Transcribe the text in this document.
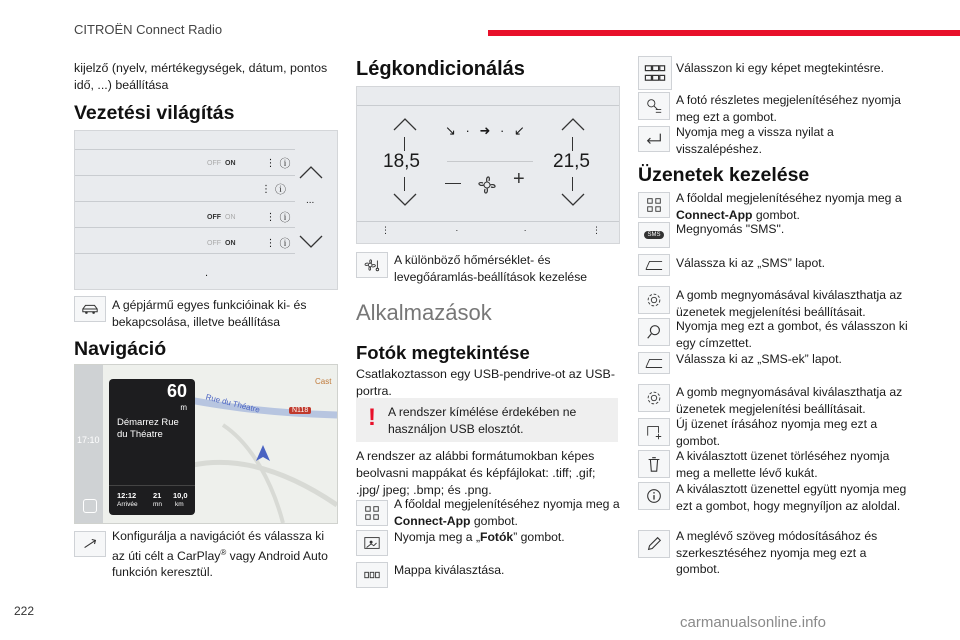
CITROËN Connect Radio
kijelző (nyelv, mértékegységek, dátum, pontos idő, ...) beállítása
Vezetési világítás
OFF ON	⋮ ⓘ
⋮ ⓘ
OFF ON	⋮ ⓘ
OFF ON	⋮ ⓘ
...
.
A gépjármű egyes funkcióinak ki- és bekapcsolása, illetve beállítása
Navigáció
17:10
Rue du Théatre	N118
Cast
60
m
Démarrez Rue du Théatre
12:12
Arrivée
21
mn
10,0
km
Konfigurálja a navigációt és válassza ki az úti célt a CarPlay® vagy Android Auto funkción keresztül.
Légkondicionálás
18,5
↘ · ➜ · ↙
+
21,5
⋮	·	·	⋮
A különböző hőmérséklet- és levegőáramlás-beállítások kezelése
Alkalmazások
Fotók megtekintése
Csatlakoztasson egy USB-pendrive-ot az USB-portra.
! A rendszer kímélése érdekében ne használjon USB elosztót.
A rendszer az alábbi formátumokban képes beolvasni mappákat és képfájlokat: .tiff; .gif; .jpg/ jpeg; .bmp; és .png.
A főoldal megjelenítéséhez nyomja meg a Connect-App gombot.
Nyomja meg a „Fotók” gombot.
Mappa kiválasztása.
Válasszon ki egy képet megtekintésre.
A fotó részletes megjelenítéséhez nyomja meg ezt a gombot.
Nyomja meg a vissza nyilat a visszalépéshez.
Üzenetek kezelése
A főoldal megjelenítéséhez nyomja meg a Connect-App gombot.
SMS Megnyomás "SMS".
Válassza ki az „SMS” lapot.
A gomb megnyomásával kiválaszthatja az üzenetek megjelenítési beállításait.
Nyomja meg ezt a gombot, és válasszon ki egy címzettet.
Válassza ki az „SMS-ek” lapot.
A gomb megnyomásával kiválaszthatja az üzenetek megjelenítési beállításait.
Új üzenet írásához nyomja meg ezt a gombot.
A kiválasztott üzenet törléséhez nyomja meg a mellette lévő kukát.
A kiválasztott üzenettel együtt nyomja meg ezt a gombot, hogy megnyíljon az aloldal.
A meglévő szöveg módosításához és szerkesztéséhez nyomja meg ezt a gombot.
222
carmanualsonline.info
